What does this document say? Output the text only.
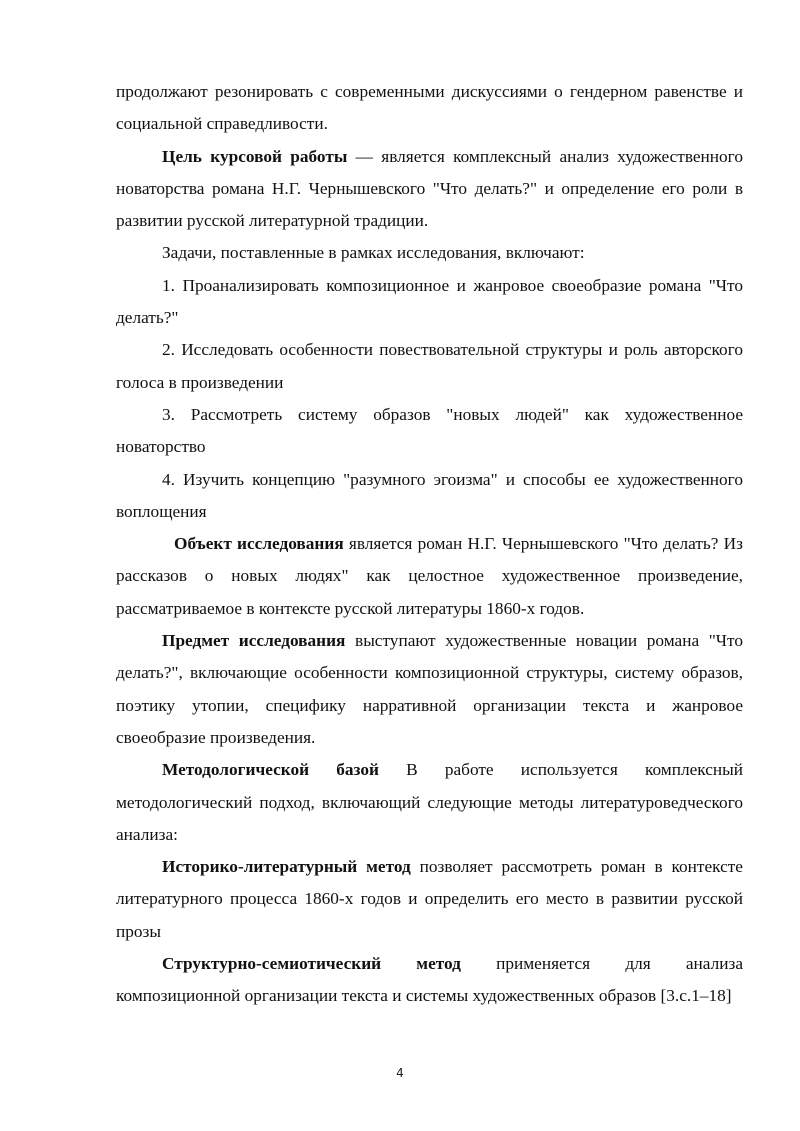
продолжают резонировать с современными дискуссиями о гендерном равенстве и социальной справедливости.

Цель курсовой работы — является комплексный анализ художественного новаторства романа Н.Г. Чернышевского "Что делать?" и определение его роли в развитии русской литературной традиции.

Задачи, поставленные в рамках исследования, включают:

1. Проанализировать композиционное и жанровое своеобразие романа "Что делать?"

2. Исследовать особенности повествовательной структуры и роль авторского голоса в произведении

3. Рассмотреть систему образов "новых людей" как художественное новаторство

4. Изучить концепцию "разумного эгоизма" и способы ее художественного воплощения

Объект исследования является роман Н.Г. Чернышевского "Что делать? Из рассказов о новых людях" как целостное художественное произведение, рассматриваемое в контексте русской литературы 1860-х годов.

Предмет исследования выступают художественные новации романа "Что делать?", включающие особенности композиционной структуры, систему образов, поэтику утопии, специфику нарративной организации текста и жанровое своеобразие произведения.

Методологической базой В работе используется комплексный методологический подход, включающий следующие методы литературоведческого анализа:

Историко-литературный метод позволяет рассмотреть роман в контексте литературного процесса 1860-х годов и определить его место в развитии русской прозы

Структурно-семиотический метод применяется для анализа композиционной организации текста и системы художественных образов [3.с.1–18]

4
